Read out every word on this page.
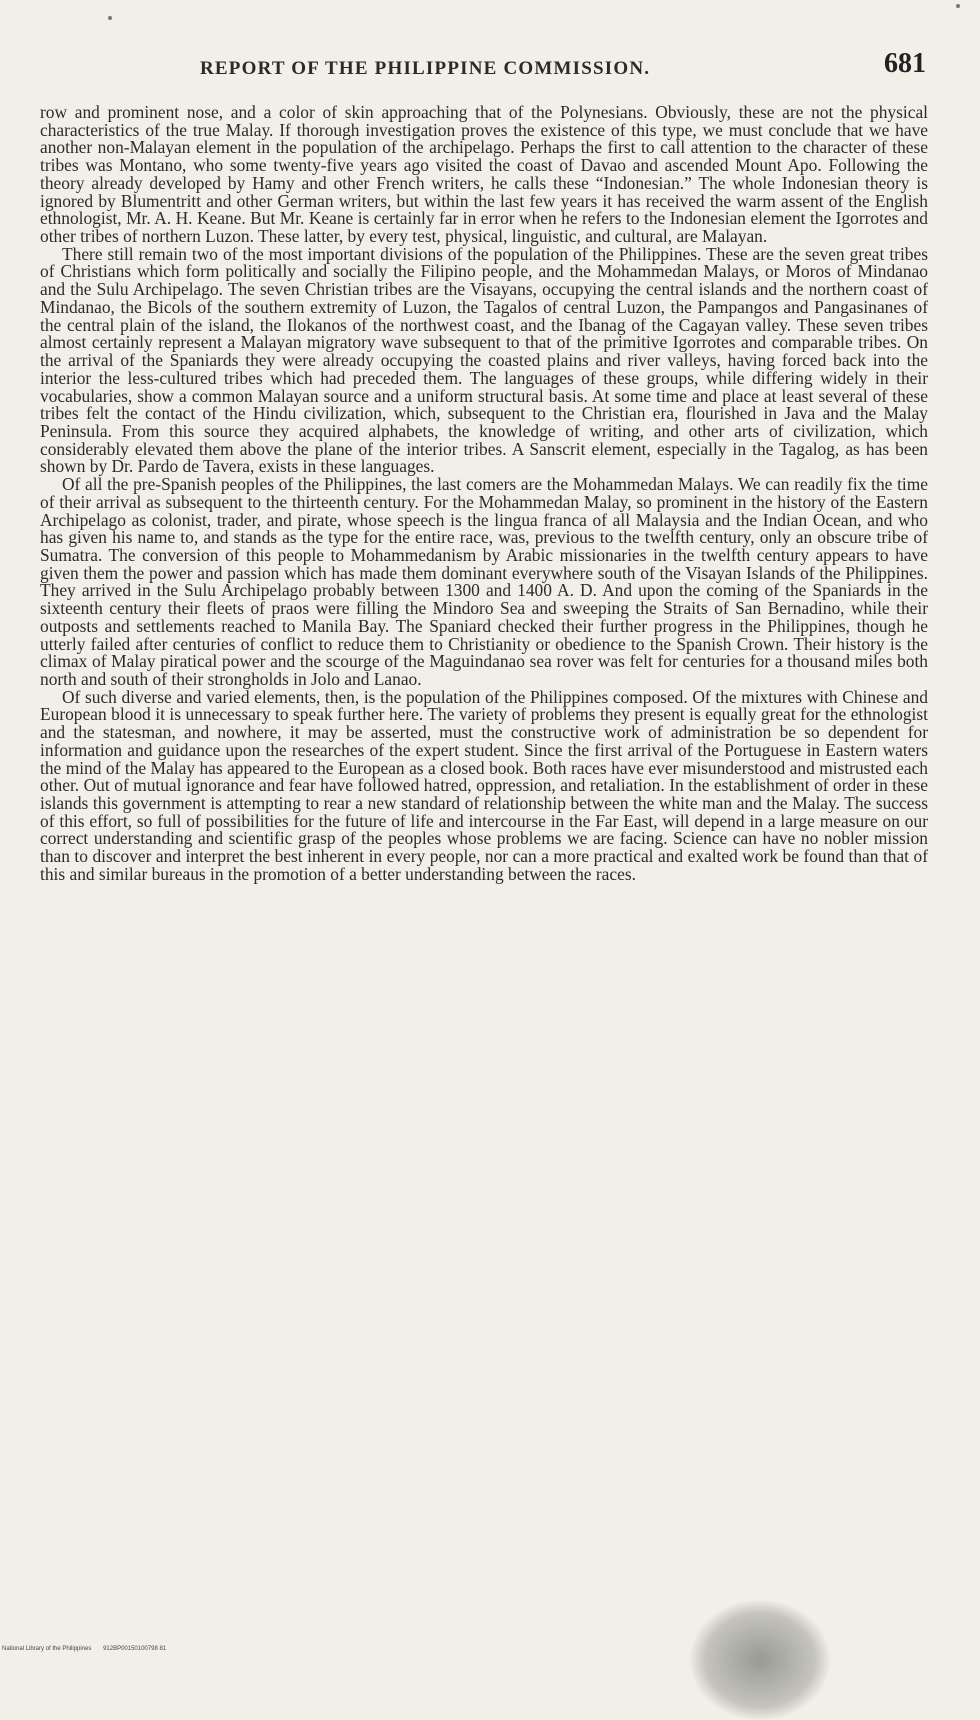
REPORT OF THE PHILIPPINE COMMISSION.	681

row and prominent nose, and a color of skin approaching that of the Polynesians. Obviously, these are not the physical characteristics of the true Malay. If thorough investigation proves the existence of this type, we must conclude that we have another non-Malayan element in the population of the archipelago. Perhaps the first to call attention to the character of these tribes was Montano, who some twenty-five years ago visited the coast of Davao and ascended Mount Apo. Following the theory already developed by Hamy and other French writers, he calls these “Indonesian.” The whole Indonesian theory is ignored by Blumentritt and other German writers, but within the last few years it has received the warm assent of the English ethnologist, Mr. A. H. Keane. But Mr. Keane is certainly far in error when he refers to the Indonesian element the Igorrotes and other tribes of northern Luzon. These latter, by every test, physical, linguistic, and cultural, are Malayan.

There still remain two of the most important divisions of the population of the Philippines. These are the seven great tribes of Christians which form politically and socially the Filipino people, and the Mohammedan Malays, or Moros of Mindanao and the Sulu Archipelago. The seven Christian tribes are the Visayans, occupying the central islands and the northern coast of Mindanao, the Bicols of the southern extremity of Luzon, the Tagalos of central Luzon, the Pampangos and Pangasinanes of the central plain of the island, the Ilokanos of the northwest coast, and the Ibanag of the Cagayan valley. These seven tribes almost certainly represent a Malayan migratory wave subsequent to that of the primitive Igorrotes and comparable tribes. On the arrival of the Spaniards they were already occupying the coasted plains and river valleys, having forced back into the interior the less-cultured tribes which had preceded them. The languages of these groups, while differing widely in their vocabularies, show a common Malayan source and a uniform structural basis. At some time and place at least several of these tribes felt the contact of the Hindu civilization, which, subsequent to the Christian era, flourished in Java and the Malay Peninsula. From this source they acquired alphabets, the knowledge of writing, and other arts of civilization, which considerably elevated them above the plane of the interior tribes. A Sanscrit element, especially in the Tagalog, as has been shown by Dr. Pardo de Tavera, exists in these languages.

Of all the pre-Spanish peoples of the Philippines, the last comers are the Mohammedan Malays. We can readily fix the time of their arrival as subsequent to the thirteenth century. For the Mohammedan Malay, so prominent in the history of the Eastern Archipelago as colonist, trader, and pirate, whose speech is the lingua franca of all Malaysia and the Indian Ocean, and who has given his name to, and stands as the type for the entire race, was, previous to the twelfth century, only an obscure tribe of Sumatra. The conversion of this people to Mohammedanism by Arabic missionaries in the twelfth century appears to have given them the power and passion which has made them dominant everywhere south of the Visayan Islands of the Philippines. They arrived in the Sulu Archipelago probably between 1300 and 1400 A. D. And upon the coming of the Spaniards in the sixteenth century their fleets of praos were filling the Mindoro Sea and sweeping the Straits of San Bernadino, while their outposts and settlements reached to Manila Bay. The Spaniard checked their further progress in the Philippines, though he utterly failed after centuries of conflict to reduce them to Christianity or obedience to the Spanish Crown. Their history is the climax of Malay piratical power and the scourge of the Maguindanao sea rover was felt for centuries for a thousand miles both north and south of their strongholds in Jolo and Lanao.

Of such diverse and varied elements, then, is the population of the Philippines composed. Of the mixtures with Chinese and European blood it is unnecessary to speak further here. The variety of problems they present is equally great for the ethnologist and the statesman, and nowhere, it may be asserted, must the constructive work of administration be so dependent for information and guidance upon the researches of the expert student. Since the first arrival of the Portuguese in Eastern waters the mind of the Malay has appeared to the European as a closed book. Both races have ever misunderstood and mistrusted each other. Out of mutual ignorance and fear have followed hatred, oppression, and retaliation. In the establishment of order in these islands this government is attempting to rear a new standard of relationship between the white man and the Malay. The success of this effort, so full of possibilities for the future of life and intercourse in the Far East, will depend in a large measure on our correct understanding and scientific grasp of the peoples whose problems we are facing. Science can have no nobler mission than to discover and interpret the best inherent in every people, nor can a more practical and exalted work be found than that of this and similar bureaus in the promotion of a better understanding between the races.

National Library of the Philippines 912BP00150100798 81
